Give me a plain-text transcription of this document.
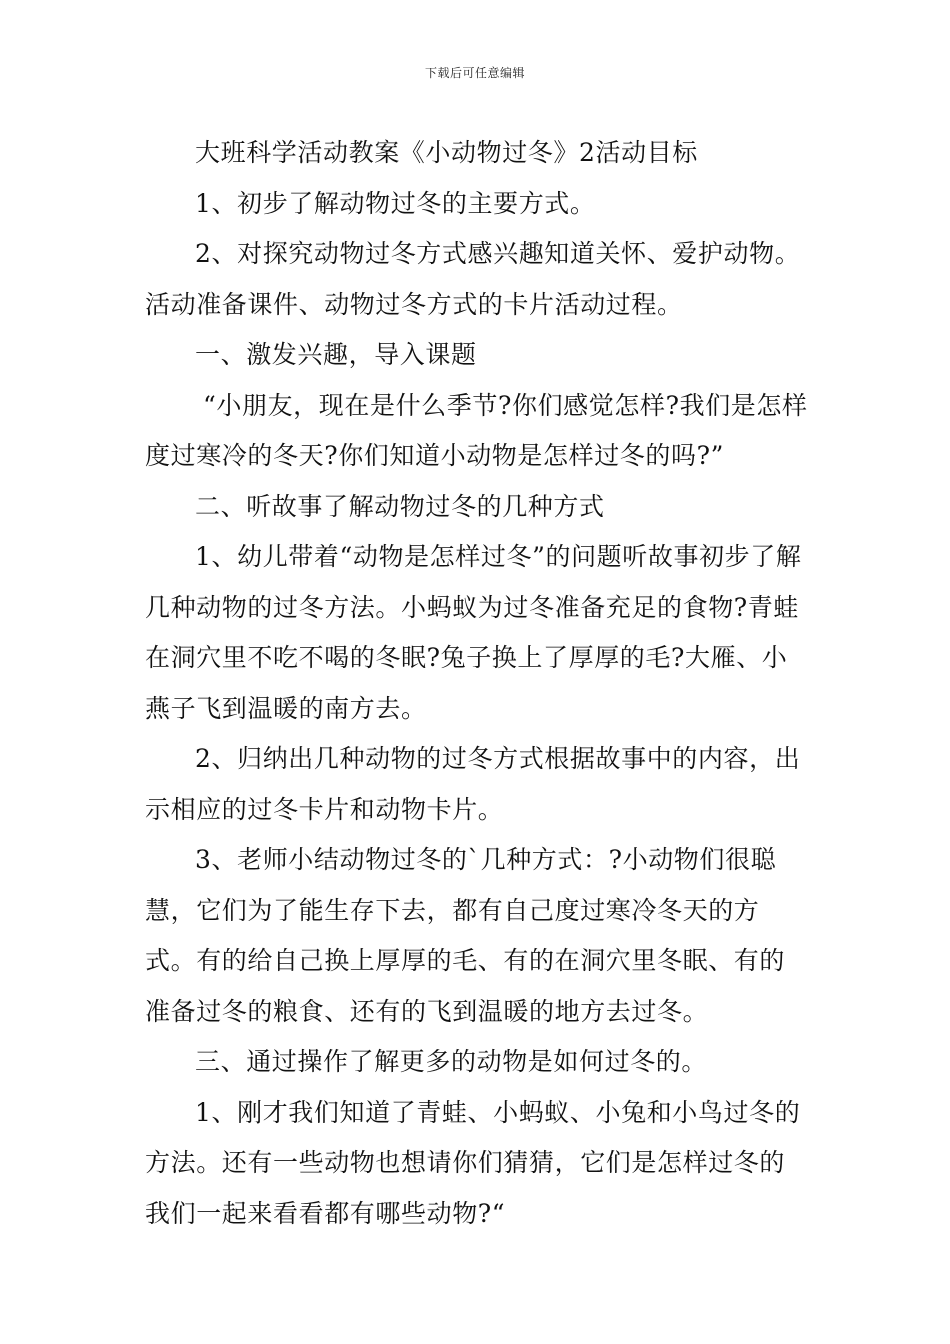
下载后可任意编辑

大班科学活动教案《小动物过冬》2活动目标

1、初步了解动物过冬的主要方式。

2、对探究动物过冬方式感兴趣知道关怀、爱护动物。活动准备课件、动物过冬方式的卡片活动过程。

一、激发兴趣，导入课题

“小朋友，现在是什么季节?你们感觉怎样?我们是怎样度过寒冷的冬天?你们知道小动物是怎样过冬的吗?”

二、听故事了解动物过冬的几种方式

1、幼儿带着“动物是怎样过冬”的问题听故事初步了解几种动物的过冬方法。小蚂蚁为过冬准备充足的食物?青蛙在洞穴里不吃不喝的冬眠?兔子换上了厚厚的毛?大雁、小燕子飞到温暖的南方去。

2、归纳出几种动物的过冬方式根据故事中的内容，出示相应的过冬卡片和动物卡片。

3、老师小结动物过冬的`几种方式：?小动物们很聪慧，它们为了能生存下去，都有自己度过寒冷冬天的方式。有的给自己换上厚厚的毛、有的在洞穴里冬眠、有的准备过冬的粮食、还有的飞到温暖的地方去过冬。

三、通过操作了解更多的动物是如何过冬的。

1、刚才我们知道了青蛙、小蚂蚁、小兔和小鸟过冬的方法。还有一些动物也想请你们猜猜，它们是怎样过冬的我们一起来看看都有哪些动物?“
